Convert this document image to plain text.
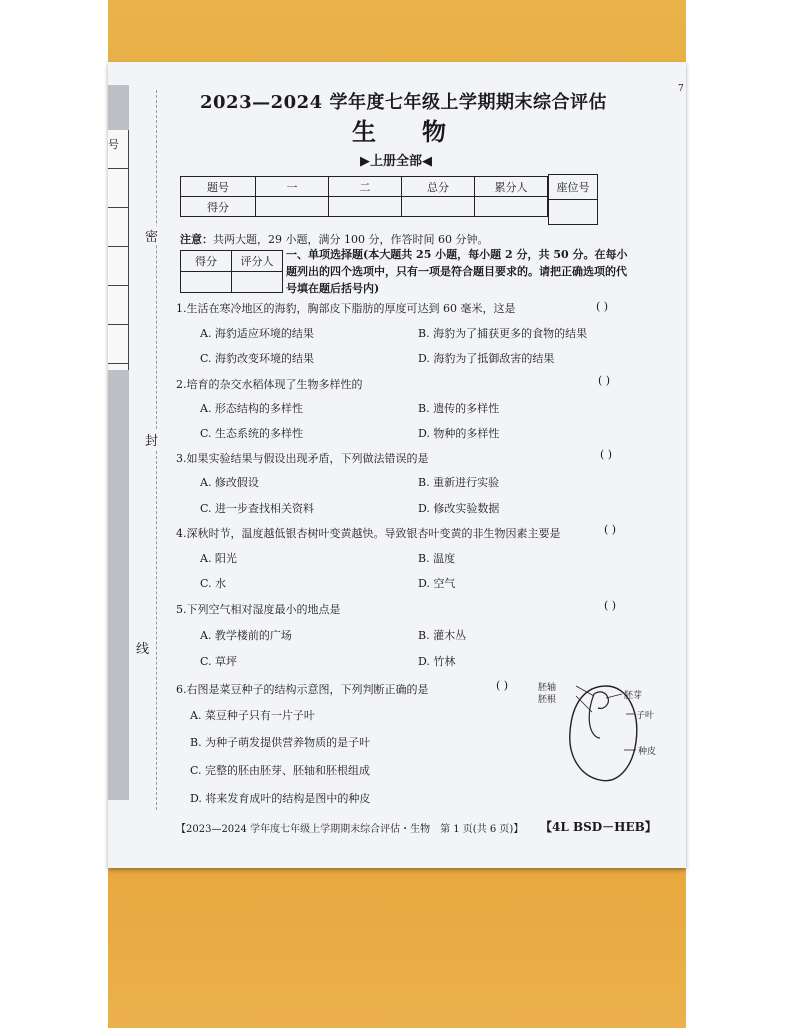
号
密
封
线
7
2023—2024 学年度七年级上学期期末综合评估
生物
▶上册全部◀
题号	一	二	总分	累分人
得分				
座位号

注意：共两大题，29 小题，满分 100 分，作答时间 60 分钟。
得分	评分人

一、单项选择题(本大题共 25 小题，每小题 2 分，共 50 分。在每小题列出的四个选项中，只有一项是符合题目要求的。请把正确选项的代号填在题后括号内)
1.生活在寒冷地区的海豹，胸部皮下脂肪的厚度可达到 60 毫米，这是	( )
A. 海豹适应环境的结果	B. 海豹为了捕获更多的食物的结果
C. 海豹改变环境的结果	D. 海豹为了抵御敌害的结果
2.培育的杂交水稻体现了生物多样性的	( )
A. 形态结构的多样性	B. 遗传的多样性
C. 生态系统的多样性	D. 物种的多样性
3.如果实验结果与假设出现矛盾，下列做法错误的是	( )
A. 修改假设	B. 重新进行实验
C. 进一步查找相关资料	D. 修改实验数据
4.深秋时节，温度越低银杏树叶变黄越快。导致银杏叶变黄的非生物因素主要是	( )
A. 阳光	B. 温度
C. 水	D. 空气
5.下列空气相对湿度最小的地点是	( )
A. 教学楼前的广场	B. 灌木丛
C. 草坪	D. 竹林
6.右图是菜豆种子的结构示意图，下列判断正确的是	( )
A. 菜豆种子只有一片子叶
B. 为种子萌发提供营养物质的是子叶
C. 完整的胚由胚芽、胚轴和胚根组成
D. 将来发育成叶的结构是图中的种皮
胚轴
胚根	胚芽
子叶
种皮
【2023—2024 学年度七年级上学期期末综合评估・生物　第 1 页(共 6 页)】 【4L BSD－HEB】
